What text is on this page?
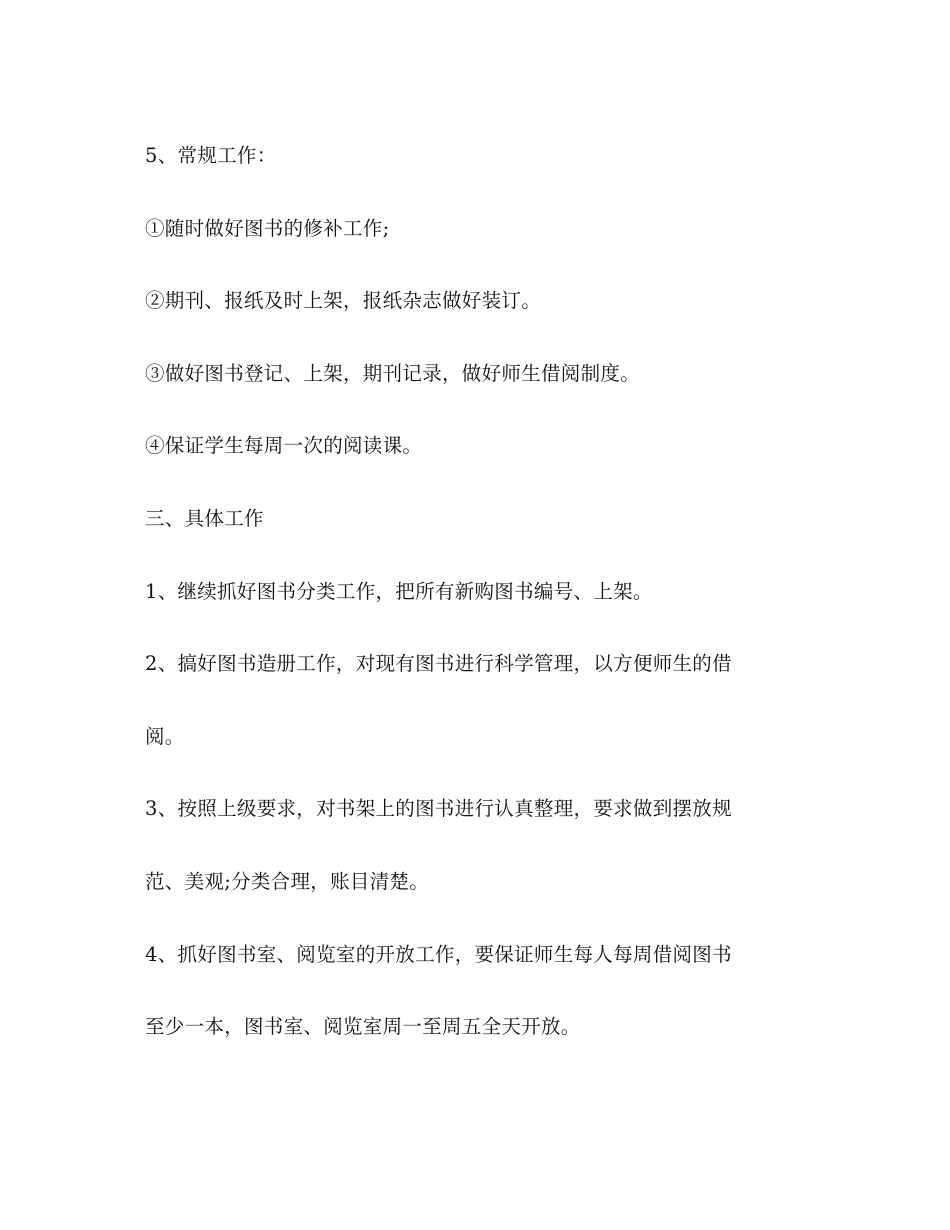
5、常规工作：
①随时做好图书的修补工作;
②期刊、报纸及时上架，报纸杂志做好装订。
③做好图书登记、上架，期刊记录，做好师生借阅制度。
④保证学生每周一次的阅读课。
三、具体工作
1、继续抓好图书分类工作，把所有新购图书编号、上架。
2、搞好图书造册工作，对现有图书进行科学管理，以方便师生的借
阅。
3、按照上级要求，对书架上的图书进行认真整理，要求做到摆放规
范、美观;分类合理，账目清楚。
4、抓好图书室、阅览室的开放工作，要保证师生每人每周借阅图书
至少一本，图书室、阅览室周一至周五全天开放。
